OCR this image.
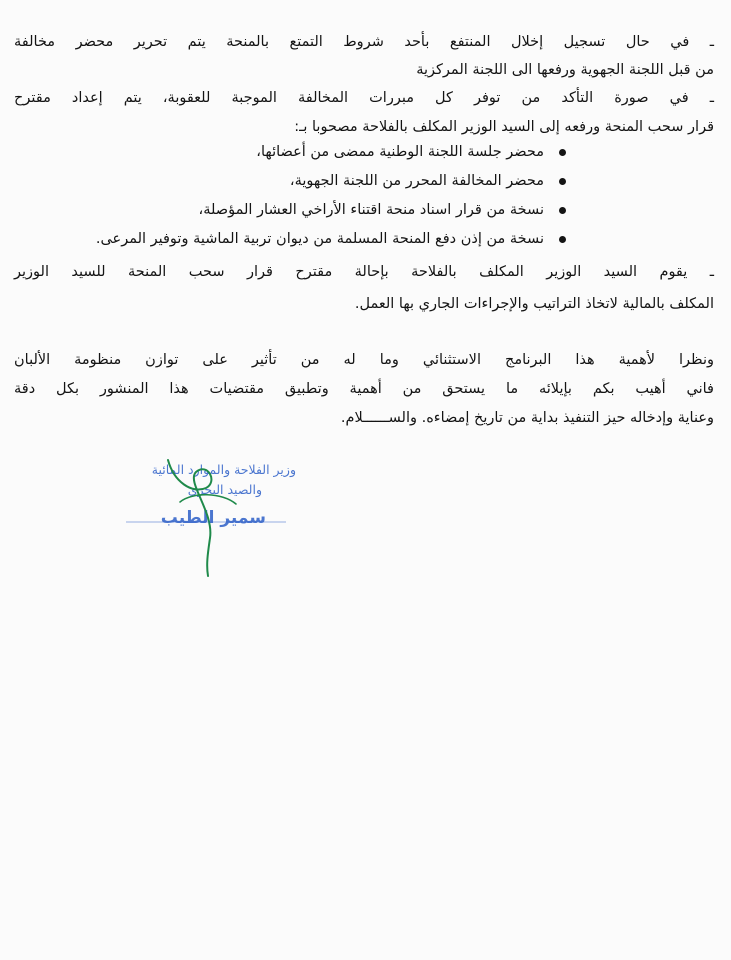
ـ في حال تسجيل إخلال المنتفع بأحد شروط التمتع بالمنحة يتم تحرير محضر مخالفة
من قبل اللجنة الجهوية ورفعها الى اللجنة المركزية
ـ في صورة التأكد من توفر كل مبررات المخالفة الموجبة للعقوبة، يتم إعداد مقترح
قرار سحب المنحة ورفعه إلى السيد الوزير المكلف بالفلاحة مصحوبا بـ:
محضر جلسة اللجنة الوطنية ممضى من أعضائها،
محضر المخالفة المحرر من اللجنة الجهوية،
نسخة من قرار اسناد منحة اقتناء الأراخي العشار المؤصلة،
نسخة من إذن دفع المنحة المسلمة من ديوان تربية الماشية وتوفير المرعى.
ـ يقوم السيد الوزير المكلف بالفلاحة بإحالة مقترح قرار سحب المنحة للسيد الوزير
المكلف بالمالية لاتخاذ التراتيب والإجراءات الجاري بها العمل.
ونظرا لأهمية هذا البرنامج الاستثنائي وما له من تأثير على توازن منظومة الألبان
فاني أهيب بكم بإيلائه ما يستحق من أهمية وتطبيق مقتضيات هذا المنشور بكل دقة
وعناية وإدخاله حيز التنفيذ بداية من تاريخ إمضاءه. والســــــلام.
وزير الفلاحة والموارد المائية
والصيد البحري
سمير الطيب
